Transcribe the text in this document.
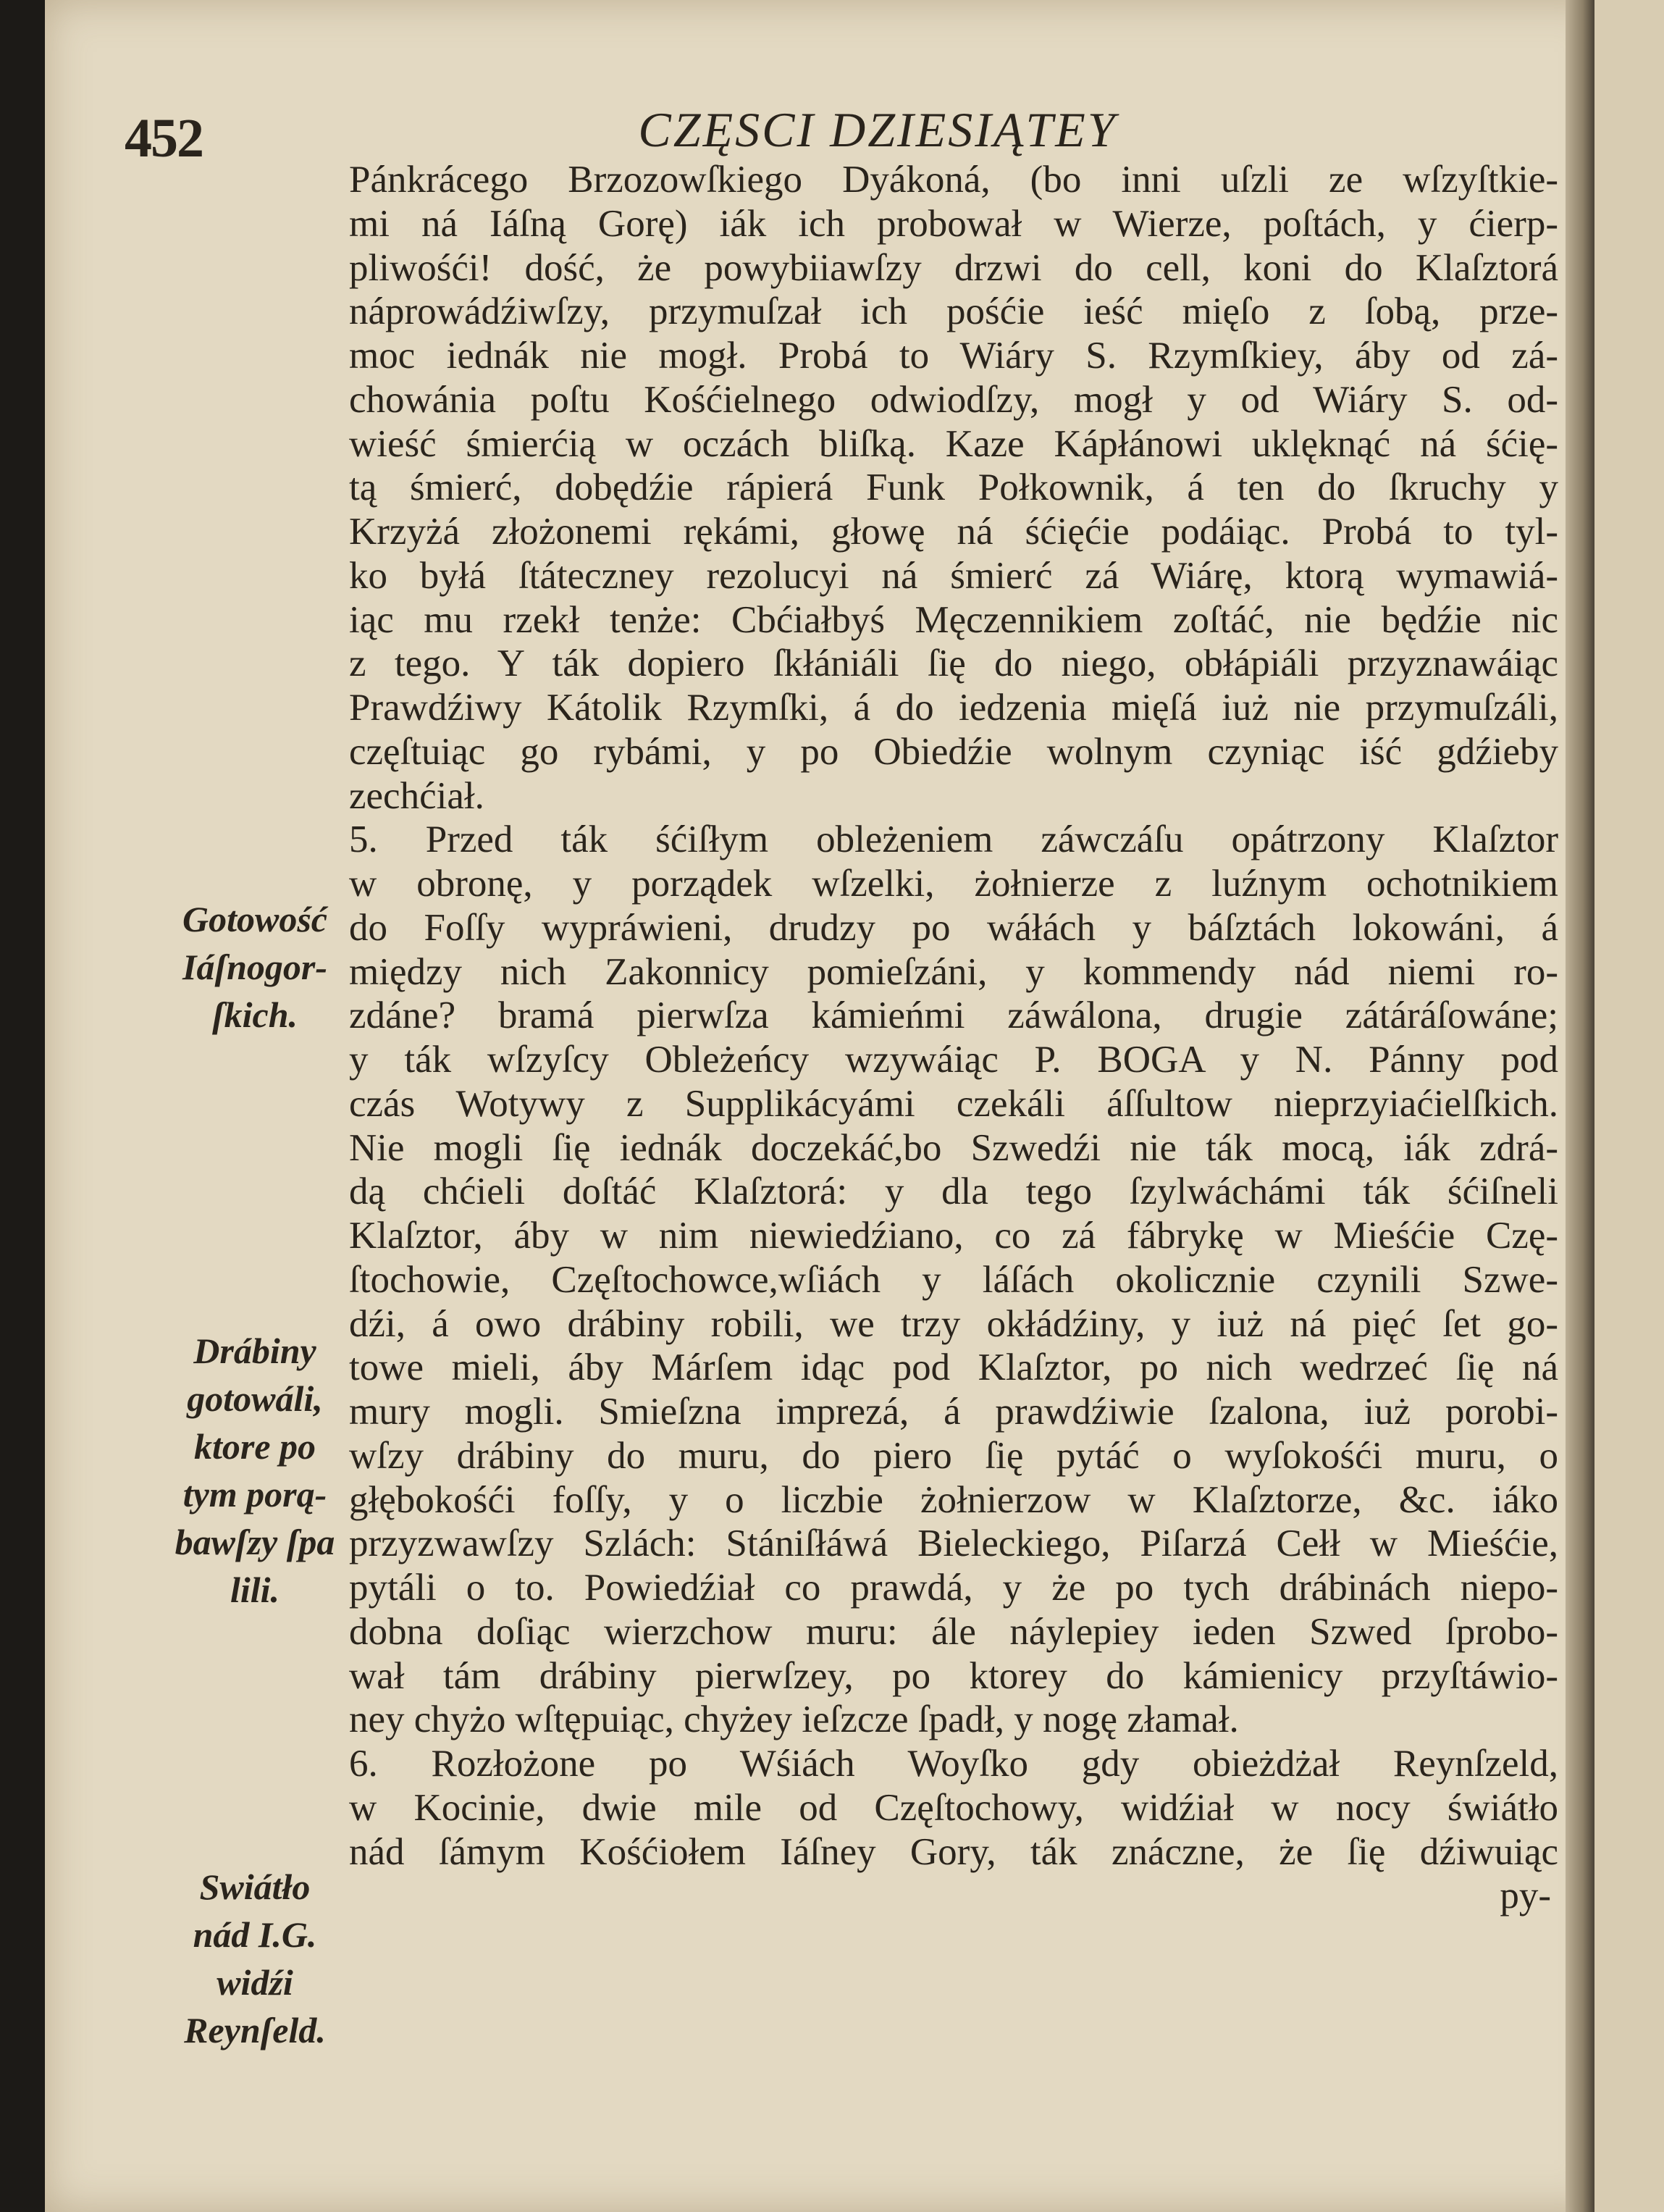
452	CZĘSCI DZIESIĄTEY
Pánkrácego Brzozowſkiego Dyákoná, (bo inni uſzli ze wſzyſtkie-
mi ná Iáſną Gorę) iák ich probował w Wierze, poſtách, y ćierp-
pliwośći! dość, że powybiiawſzy drzwi do cell, koni do Klaſztorá
náprowádźiwſzy, przymuſzał ich pośćie ieść mięſo z ſobą, prze-
moc iednák nie mogł. Probá to Wiáry S. Rzymſkiey, áby od zá-
chowánia poſtu Kośćielnego odwiodſzy, mogł y od Wiáry S. od-
wieść śmierćią w oczách bliſką. Kaze Kápłánowi uklęknąć ná śćię-
tą śmierć, dobędźie rápierá Funk Połkownik, á ten do ſkruchy y
Krzyżá złożonemi rękámi, głowę ná śćięćie podáiąc. Probá to tyl-
ko byłá ſtáteczney rezolucyi ná śmierć zá Wiárę, ktorą wymawiá-
iąc mu rzekł tenże: Cbćiałbyś Męczennikiem zoſtáć, nie będźie nic
z tego. Y ták dopiero ſkłániáli ſię do niego, obłápiáli przyznawáiąc
Prawdźiwy Kátolik Rzymſki, á do iedzenia mięſá iuż nie przymuſzáli,
częſtuiąc go rybámi, y po Obiedźie wolnym czyniąc iść gdźieby
zechćiał.
5. Przed ták śćiſłym obleżeniem záwczáſu opátrzony Klaſztor
w obronę, y porządek wſzelki, żołnierze z luźnym ochotnikiem
do Foſſy wypráwieni, drudzy po wáłách y báſztách lokowáni, á
między nich Zakonnicy pomieſzáni, y kommendy nád niemi ro-
zdáne? bramá pierwſza kámieńmi záwálona, drugie zátáráſowáne;
y ták wſzyſcy Obleżeńcy wzywáiąc P. BOGA y N. Pánny pod
czás Wotywy z Supplikácyámi czekáli áſſultow nieprzyiaćielſkich.
Nie mogli ſię iednák doczekáć,bo Szwedźi nie ták mocą, iák zdrá-
dą chćieli doſtáć Klaſztorá: y dla tego ſzylwáchámi ták śćiſneli
Klaſztor, áby w nim niewiedźiano, co zá fábrykę w Mieśćie Czę-
ſtochowie, Częſtochowce,wſiách y láſách okolicznie czynili Szwe-
dźi, á owo drábiny robili, we trzy okłádźiny, y iuż ná pięć ſet go-
towe mieli, áby Márſem idąc pod Klaſztor, po nich wedrzeć ſię ná
mury mogli. Smieſzna imprezá, á prawdźiwie ſzalona, iuż porobi-
wſzy drábiny do muru, do piero ſię pytáć o wyſokośći muru, o
głębokośći foſſy, y o liczbie żołnierzow w Klaſztorze, &c. iáko
przyzwawſzy Szlách: Stániſłáwá Bieleckiego, Piſarzá Cełł w Mieśćie,
pytáli o to. Powiedźiał co prawdá, y że po tych drábinách niepo-
dobna doſiąc wierzchow muru: ále náylepiey ieden Szwed ſprobo-
wał tám drábiny pierwſzey, po ktorey do kámienicy przyſtáwio-
ney chyżo wſtępuiąc, chyżey ieſzcze ſpadł, y nogę złamał.
6. Rozłożone po Wśiách Woyſko gdy obieżdżał Reynſzeld,
w Kocinie, dwie mile od Częſtochowy, widźiał w nocy świátło
nád ſámym Kośćiołem Iáſney Gory, ták znáczne, że ſię dźiwuiąc
py-
Gotowość
Iáſnogor-
ſkich.
Drábiny
gotowáli,
ktore po
tym porą-
bawſzy ſpa
lili.
Swiátło
nád I.G.
widźi
Reynſeld.
